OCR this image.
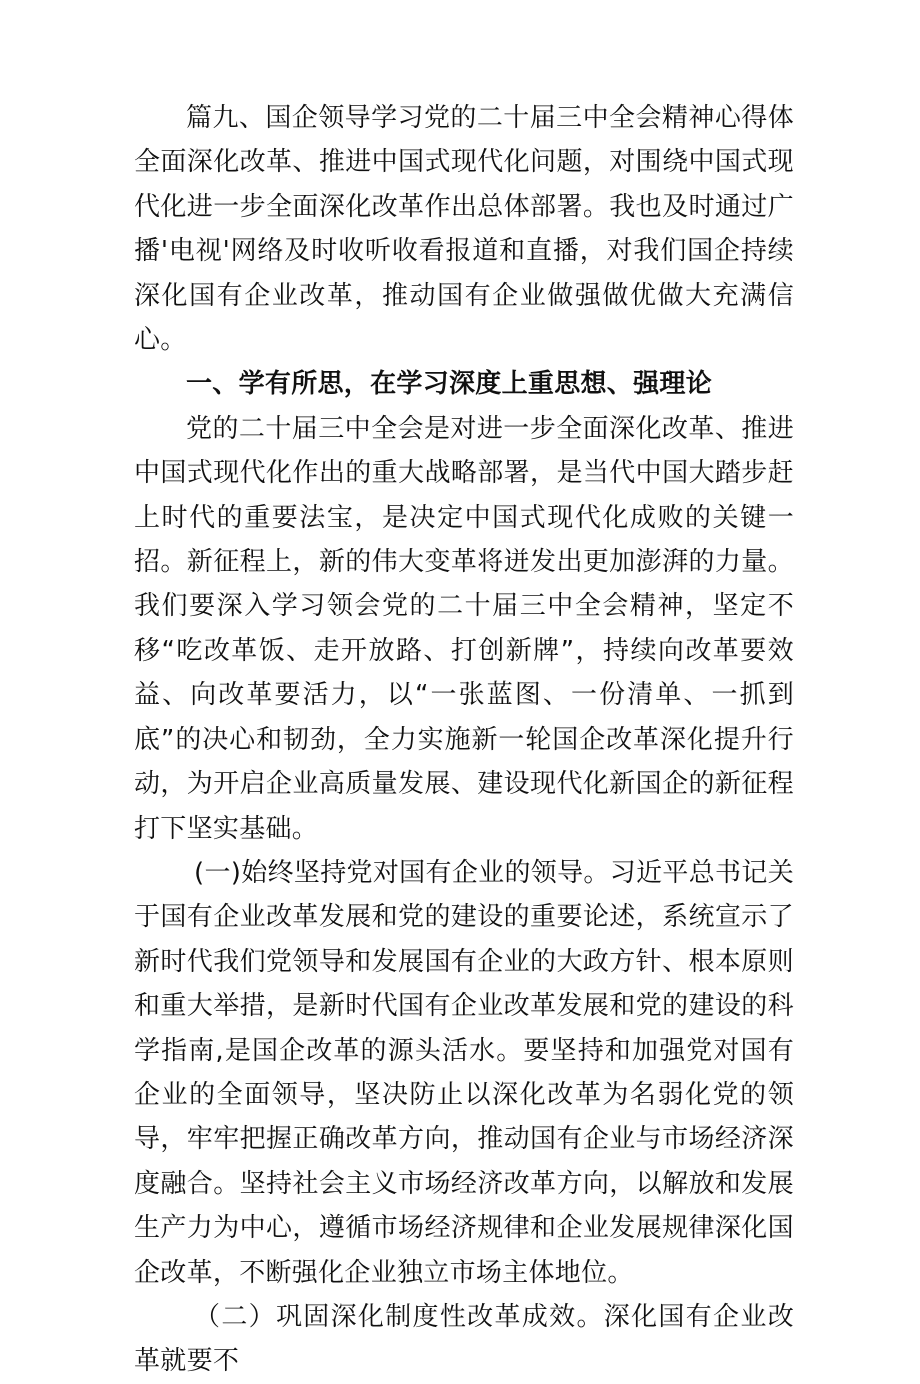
篇九、国企领导学习党的二十届三中全会精神心得体全面深化改革、推进中国式现代化问题，对围绕中国式现代化进一步全面深化改革作出总体部署。我也及时通过广播'电视'网络及时收听收看报道和直播，对我们国企持续深化国有企业改革，推动国有企业做强做优做大充满信心。

一、学有所思，在学习深度上重思想、强理论

党的二十届三中全会是对进一步全面深化改革、推进中国式现代化作出的重大战略部署，是当代中国大踏步赶上时代的重要法宝，是决定中国式现代化成败的关键一招。新征程上，新的伟大变革将迸发出更加澎湃的力量。我们要深入学习领会党的二十届三中全会精神，坚定不移“吃改革饭、走开放路、打创新牌”，持续向改革要效益、向改革要活力，以“一张蓝图、一份清单、一抓到底”的决心和韧劲，全力实施新一轮国企改革深化提升行动，为开启企业高质量发展、建设现代化新国企的新征程打下坚实基础。

(一)始终坚持党对国有企业的领导。习近平总书记关于国有企业改革发展和党的建设的重要论述，系统宣示了新时代我们党领导和发展国有企业的大政方针、根本原则和重大举措，是新时代国有企业改革发展和党的建设的科学指南,是国企改革的源头活水。要坚持和加强党对国有企业的全面领导，坚决防止以深化改革为名弱化党的领导，牢牢把握正确改革方向，推动国有企业与市场经济深度融合。坚持社会主义市场经济改革方向，以解放和发展生产力为中心，遵循市场经济规律和企业发展规律深化国企改革，不断强化企业独立市场主体地位。

（二）巩固深化制度性改革成效。深化国有企业改革就要不
